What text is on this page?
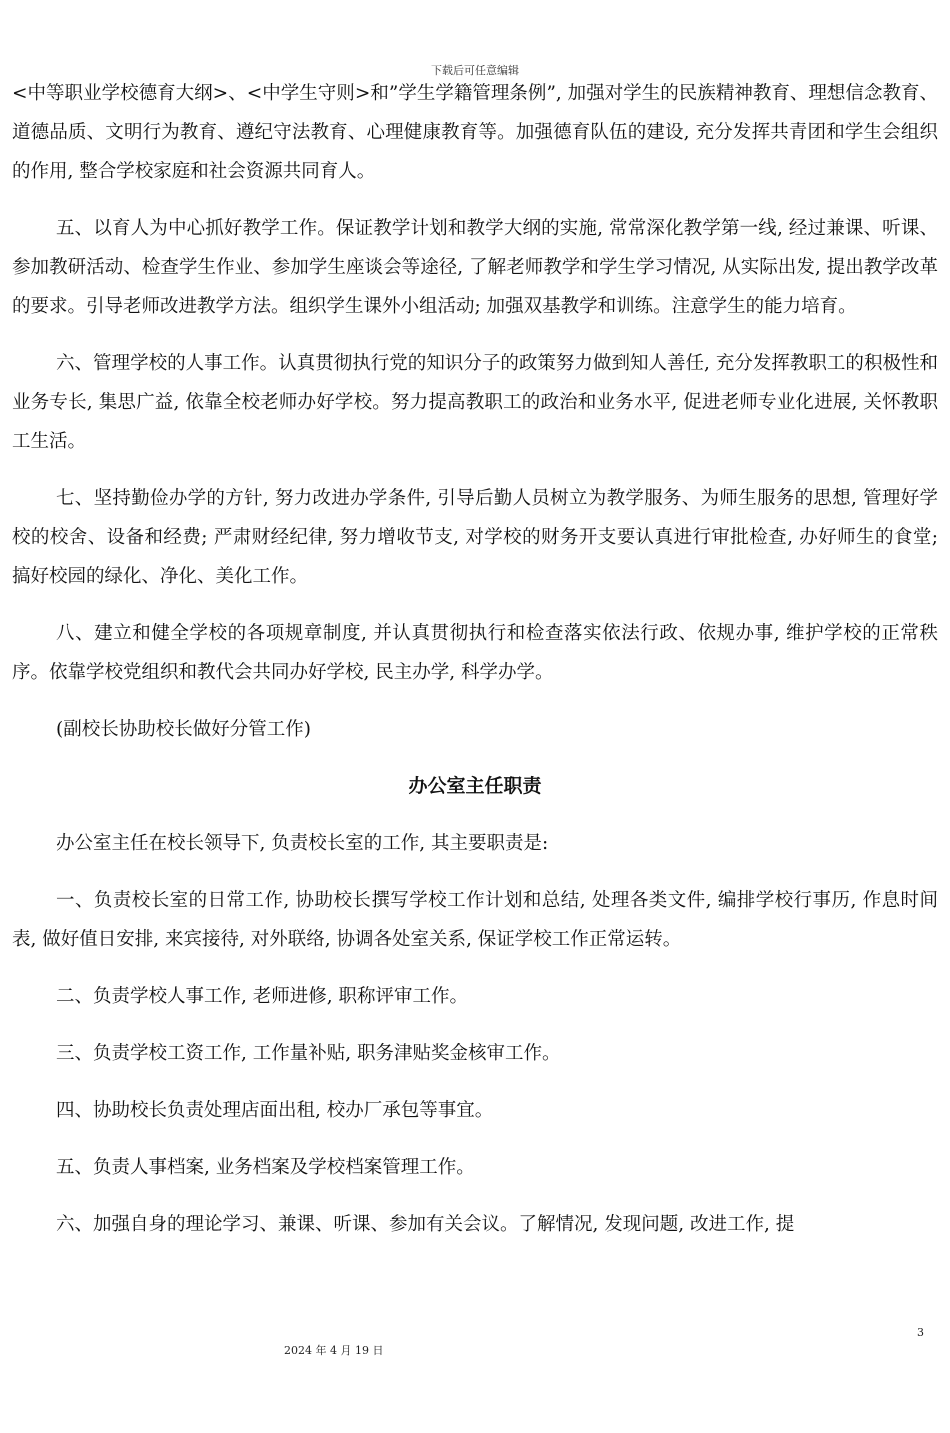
下载后可任意编辑

<中等职业学校德育大纲>、<中学生守则>和”学生学籍管理条例”, 加强对学生的民族精神教育、理想信念教育、道德品质、文明行为教育、遵纪守法教育、心理健康教育等。加强德育队伍的建设, 充分发挥共青团和学生会组织的作用, 整合学校家庭和社会资源共同育人。

五、以育人为中心抓好教学工作。保证教学计划和教学大纲的实施, 常常深化教学第一线, 经过兼课、听课、参加教研活动、检查学生作业、参加学生座谈会等途径, 了解老师教学和学生学习情况, 从实际出发, 提出教学改革的要求。引导老师改进教学方法。组织学生课外小组活动; 加强双基教学和训练。注意学生的能力培育。

六、管理学校的人事工作。认真贯彻执行党的知识分子的政策努力做到知人善任, 充分发挥教职工的积极性和业务专长, 集思广益, 依靠全校老师办好学校。努力提高教职工的政治和业务水平, 促进老师专业化进展, 关怀教职工生活。

七、坚持勤俭办学的方针, 努力改进办学条件, 引导后勤人员树立为教学服务、为师生服务的思想, 管理好学校的校舍、设备和经费; 严肃财经纪律, 努力增收节支, 对学校的财务开支要认真进行审批检查, 办好师生的食堂; 搞好校园的绿化、净化、美化工作。

八、建立和健全学校的各项规章制度, 并认真贯彻执行和检查落实依法行政、依规办事, 维护学校的正常秩序。依靠学校党组织和教代会共同办好学校, 民主办学, 科学办学。

(副校长协助校长做好分管工作)

办公室主任职责

办公室主任在校长领导下, 负责校长室的工作, 其主要职责是:

一、负责校长室的日常工作, 协助校长撰写学校工作计划和总结, 处理各类文件, 编排学校行事历, 作息时间表, 做好值日安排, 来宾接待, 对外联络, 协调各处室关系, 保证学校工作正常运转。

二、负责学校人事工作, 老师进修, 职称评审工作。

三、负责学校工资工作, 工作量补贴, 职务津贴奖金核审工作。

四、协助校长负责处理店面出租, 校办厂承包等事宜。

五、负责人事档案, 业务档案及学校档案管理工作。

六、加强自身的理论学习、兼课、听课、参加有关会议。了解情况, 发现问题, 改进工作, 提

3
2024 年 4 月 19 日
